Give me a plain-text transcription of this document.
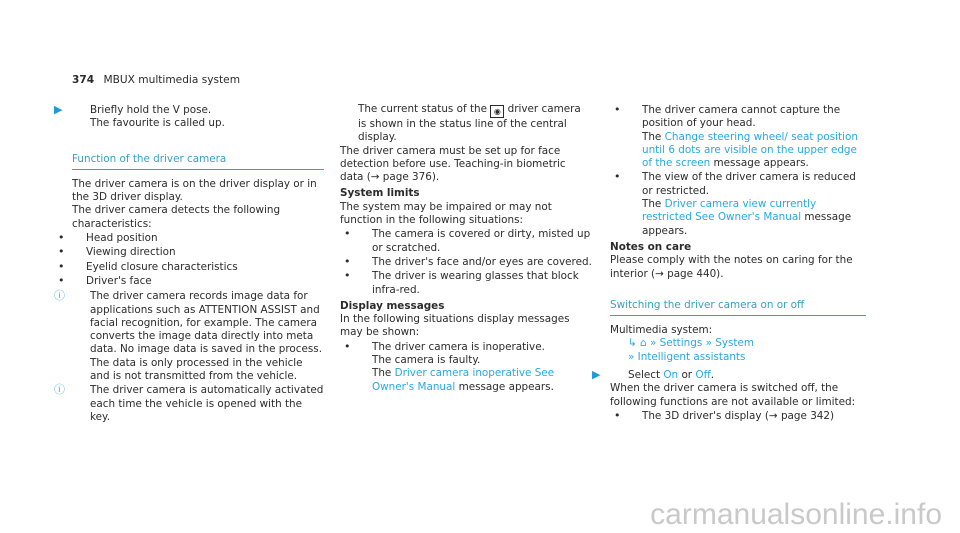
374 MBUX multimedia system

▶	Briefly hold the V pose.

The favourite is called up.

Function of the driver camera

The driver camera is on the driver display or in the 3D driver display.

The driver camera detects the following characteristics:

• Head position

• Viewing direction

• Eyelid closure characteristics

• Driver's face

ⓘ The driver camera records image data for applications such as ATTENTION ASSIST and facial recognition, for example. The camera converts the image data directly into meta data. No image data is saved in the process. The data is only processed in the vehicle and is not transmitted from the vehicle.

ⓘ The driver camera is automatically activated each time the vehicle is opened with the key.

The current status of the ◉ driver camera is shown in the status line of the central display.

The driver camera must be set up for face detection before use. Teaching-in biometric data (→ page 376).

System limits

The system may be impaired or may not function in the following situations:

• The camera is covered or dirty, misted up or scratched.

• The driver's face and/or eyes are covered.

• The driver is wearing glasses that block infra-red.

Display messages

In the following situations display messages may be shown:

• The driver camera is inoperative.

The camera is faulty.

The Driver camera inoperative See Owner's Manual message appears.

• The driver camera cannot capture the position of your head.

The Change steering wheel/ seat position until 6 dots are visible on the upper edge of the screen message appears.

• The view of the driver camera is reduced or restricted.

The Driver camera view currently restricted See Owner's Manual message appears.

Notes on care

Please comply with the notes on caring for the interior (→ page 440).

Switching the driver camera on or off

Multimedia system:

↳ ⌂ » Settings » System

» Intelligent assistants

▶	Select On or Off.

When the driver camera is switched off, the following functions are not available or limited:

• The 3D driver's display (→ page 342)

carmanualsonline.info
